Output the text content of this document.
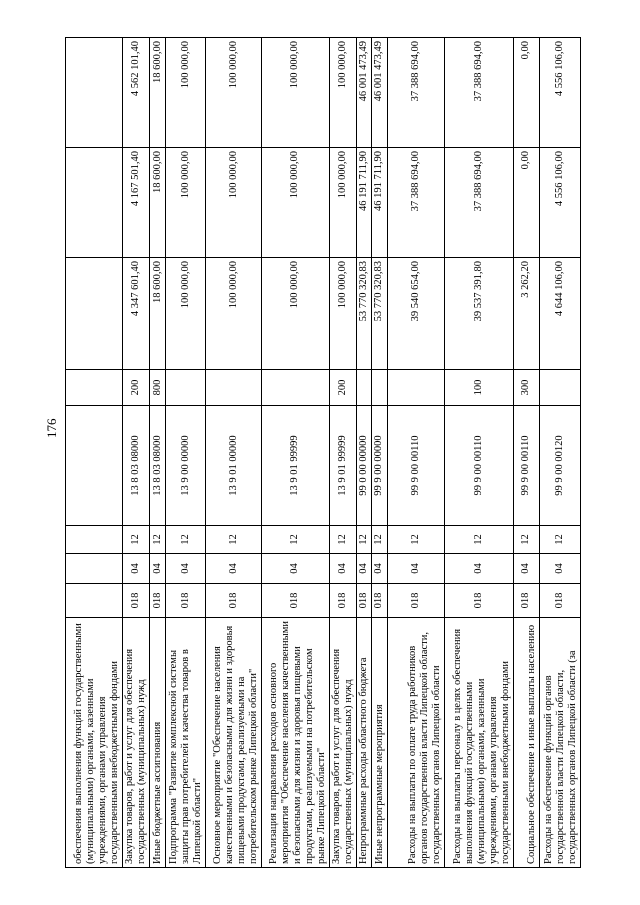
176
обеспечения выполнения функций государственными (муниципальными) органами, казенными учреждениями, органами управления государственными внебюджетными фондами								
Закупка товаров, работ и услуг для обеспечения государственных (муниципальных) нужд	018	04	12	13 8 03 08000	200	4 347 601,40	4 167 501,40	4 562 101,40
Иные бюджетные ассигнования	018	04	12	13 8 03 08000	800	18 600,00	18 600,00	18 600,00
Подпрограмма "Развитие комплексной системы защиты прав потребителей и качества товаров в Липецкой области"	018	04	12	13 9 00 00000		100 000,00	100 000,00	100 000,00
Основное мероприятие "Обеспечение населения качественными и безопасными для жизни и здоровья пищевыми продуктами, реализуемыми на потребительском рынке Липецкой области"	018	04	12	13 9 01 00000		100 000,00	100 000,00	100 000,00
Реализация направления расходов основного мероприятия "Обеспечение населения качественными и безопасными для жизни и здоровья пищевыми продуктами, реализуемыми на потребительском рынке Липецкой области"	018	04	12	13 9 01 99999		100 000,00	100 000,00	100 000,00
Закупка товаров, работ и услуг для обеспечения государственных (муниципальных) нужд	018	04	12	13 9 01 99999	200	100 000,00	100 000,00	100 000,00
Непрограммные расходы областного бюджета	018	04	12	99 0 00 00000		53 770 320,83	46 191 711,90	46 001 473,49
Иные непрограммные мероприятия	018	04	12	99 9 00 00000		53 770 320,83	46 191 711,90	46 001 473,49
Расходы на выплаты по оплате труда работников органов государственной власти Липецкой области, государственных органов Липецкой области	018	04	12	99 9 00 00110		39 540 654,00	37 388 694,00	37 388 694,00
Расходы на выплаты персоналу в целях обеспечения выполнения функций государственными (муниципальными) органами, казенными учреждениями, органами управления государственными внебюджетными фондами	018	04	12	99 9 00 00110	100	39 537 391,80	37 388 694,00	37 388 694,00
Социальное обеспечение и иные выплаты населению	018	04	12	99 9 00 00110	300	3 262,20	0,00	0,00
Расходы на обеспечение функций органов государственной власти Липецкой области, государственных органов Липецкой области (за	018	04	12	99 9 00 00120		4 644 106,00	4 556 106,00	4 556 106,00
